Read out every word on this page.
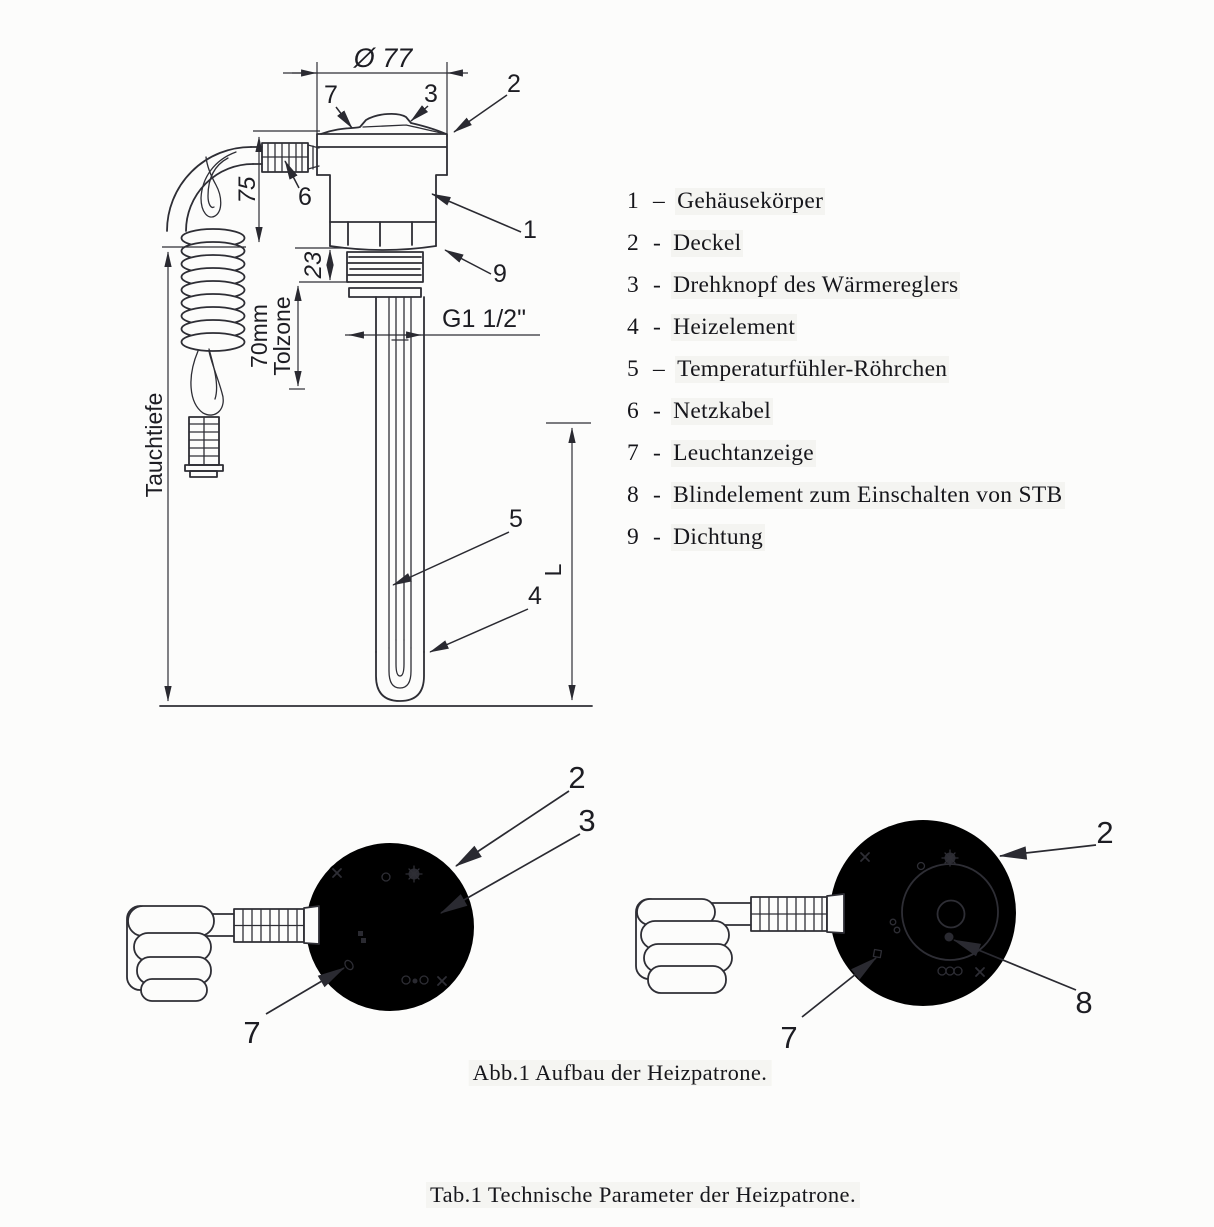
Ø 77
75
23
70mm
Tolzone	G1 1/2"
Tauchtiefe
L
7	3	2
6
1
9
5
4
2
3
7
2
7
8
1 – Gehäusekörper
2 - Deckel
3 - Drehknopf des Wärmereglers
4 - Heizelement
5 – Temperaturfühler-Röhrchen
6 - Netzkabel
7 - Leuchtanzeige
8 - Blindelement zum Einschalten von STB
9 - Dichtung
Abb.1 Aufbau der Heizpatrone.
Tab.1 Technische Parameter der Heizpatrone.
